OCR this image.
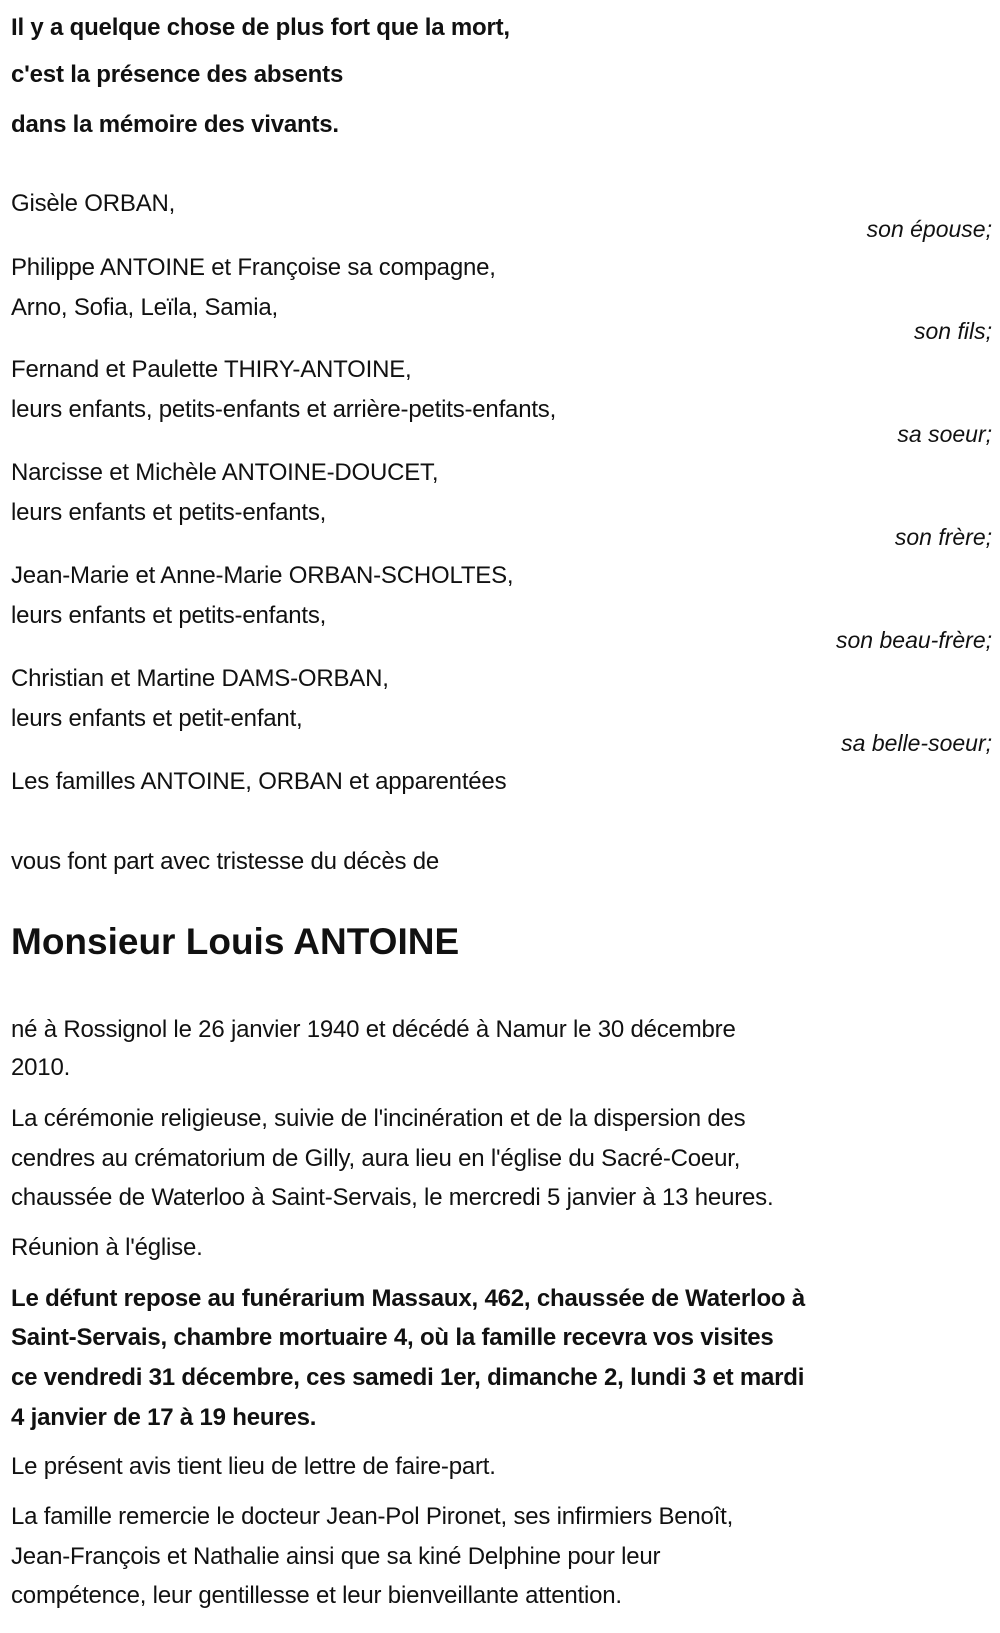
Il y a quelque chose de plus fort que la mort,
c'est la présence des absents
dans la mémoire des vivants.
Gisèle ORBAN,
son épouse;
Philippe ANTOINE et Françoise sa compagne,
Arno, Sofia, Leïla, Samia,
son fils;
Fernand et Paulette THIRY-ANTOINE,
leurs enfants, petits-enfants et arrière-petits-enfants,
sa soeur;
Narcisse et Michèle ANTOINE-DOUCET,
leurs enfants et petits-enfants,
son frère;
Jean-Marie et Anne-Marie ORBAN-SCHOLTES,
leurs enfants et petits-enfants,
son beau-frère;
Christian et Martine DAMS-ORBAN,
leurs enfants et petit-enfant,
sa belle-soeur;
Les familles ANTOINE, ORBAN et apparentées
vous font part avec tristesse du décès de
Monsieur Louis ANTOINE
né à Rossignol le 26 janvier 1940 et décédé à Namur le 30 décembre
2010.
La cérémonie religieuse, suivie de l'incinération et de la dispersion des
cendres au crématorium de Gilly, aura lieu en l'église du Sacré-Coeur,
chaussée de Waterloo à Saint-Servais, le mercredi 5 janvier à 13 heures.
Réunion à l'église.
Le défunt repose au funérarium Massaux, 462, chaussée de Waterloo à
Saint-Servais, chambre mortuaire 4, où la famille recevra vos visites
ce vendredi 31 décembre, ces samedi 1er, dimanche 2, lundi 3 et mardi
4 janvier de 17 à 19 heures.
Le présent avis tient lieu de lettre de faire-part.
La famille remercie le docteur Jean-Pol Pironet, ses infirmiers Benoît,
Jean-François et Nathalie ainsi que sa kiné Delphine pour leur
compétence, leur gentillesse et leur bienveillante attention.
